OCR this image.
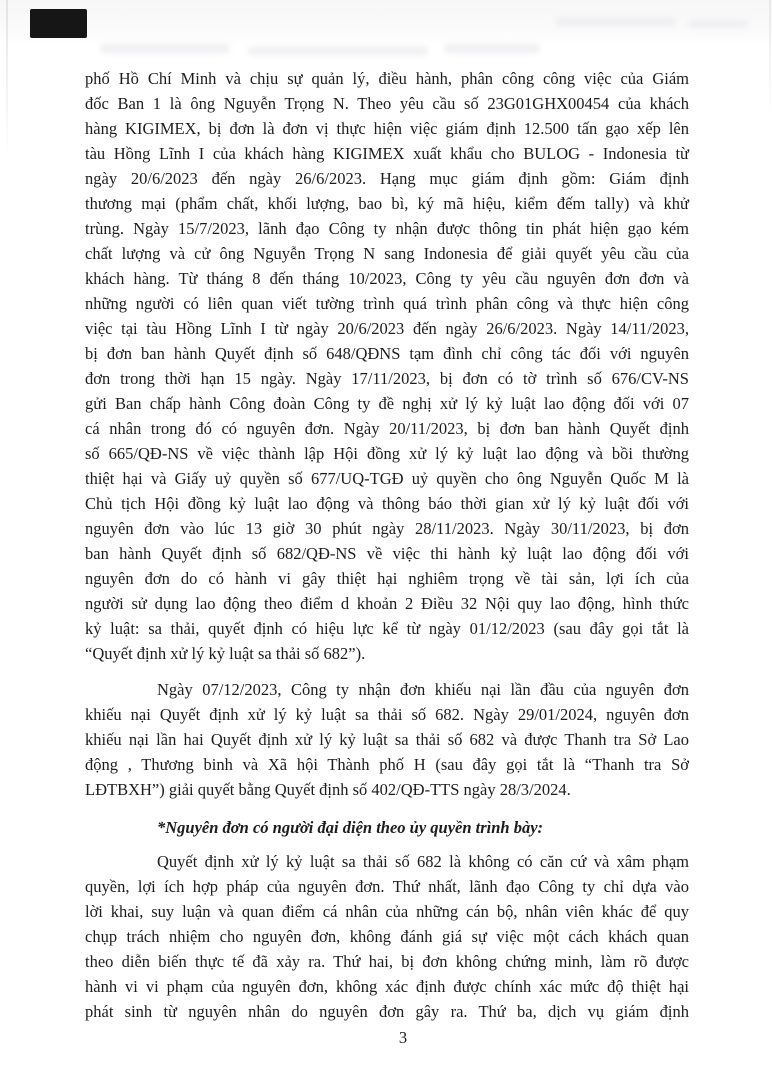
phố Hồ Chí Minh và chịu sự quản lý, điều hành, phân công công việc của Giám
đốc Ban 1 là ông Nguyễn Trọng N. Theo yêu cầu số 23G01GHX00454 của khách
hàng KIGIMEX, bị đơn là đơn vị thực hiện việc giám định 12.500 tấn gạo xếp lên
tàu Hồng Lĩnh I của khách hàng KIGIMEX xuất khẩu cho BULOG - Indonesia từ
ngày 20/6/2023 đến ngày 26/6/2023. Hạng mục giám định gồm: Giám định
thương mại (phẩm chất, khối lượng, bao bì, ký mã hiệu, kiểm đếm tally) và khử
trùng. Ngày 15/7/2023, lãnh đạo Công ty nhận được thông tin phát hiện gạo kém
chất lượng và cử ông Nguyễn Trọng N sang Indonesia để giải quyết yêu cầu của
khách hàng. Từ tháng 8 đến tháng 10/2023, Công ty yêu cầu nguyên đơn đơn và
những người có liên quan viết tường trình quá trình phân công và thực hiện công
việc tại tàu Hồng Lĩnh I từ ngày 20/6/2023 đến ngày 26/6/2023. Ngày 14/11/2023,
bị đơn ban hành Quyết định số 648/QĐNS tạm đình chỉ công tác đối với nguyên
đơn trong thời hạn 15 ngày. Ngày 17/11/2023, bị đơn có tờ trình số 676/CV-NS
gửi Ban chấp hành Công đoàn Công ty đề nghị xử lý kỷ luật lao động đối với 07
cá nhân trong đó có nguyên đơn. Ngày 20/11/2023, bị đơn ban hành Quyết định
số 665/QĐ-NS về việc thành lập Hội đồng xử lý kỷ luật lao động và bồi thường
thiệt hại và Giấy uỷ quyền số 677/UQ-TGĐ uỷ quyền cho ông Nguyễn Quốc M là
Chủ tịch Hội đồng kỷ luật lao động và thông báo thời gian xử lý kỷ luật đối với
nguyên đơn vào lúc 13 giờ 30 phút ngày 28/11/2023. Ngày 30/11/2023, bị đơn
ban hành Quyết định số 682/QĐ-NS về việc thi hành kỷ luật lao động đối với
nguyên đơn do có hành vi gây thiệt hại nghiêm trọng về tài sản, lợi ích của
người sử dụng lao động theo điểm d khoản 2 Điều 32 Nội quy lao động, hình thức
kỷ luật: sa thải, quyết định có hiệu lực kể từ ngày 01/12/2023 (sau đây gọi tắt là
“Quyết định xử lý kỷ luật sa thải số 682”).
Ngày 07/12/2023, Công ty nhận đơn khiếu nại lần đầu của nguyên đơn
khiếu nại Quyết định xử lý kỷ luật sa thải số 682. Ngày 29/01/2024, nguyên đơn
khiếu nại lần hai Quyết định xử lý kỷ luật sa thải số 682 và được Thanh tra Sở Lao
động , Thương binh và Xã hội Thành phố H (sau đây gọi tắt là “Thanh tra Sở
LĐTBXH”) giải quyết bằng Quyết định số 402/QĐ-TTS ngày 28/3/2024.
*Nguyên đơn có người đại diện theo ủy quyền trình bày:
Quyết định xử lý kỷ luật sa thải số 682 là không có căn cứ và xâm phạm
quyền, lợi ích hợp pháp của nguyên đơn. Thứ nhất, lãnh đạo Công ty chỉ dựa vào
lời khai, suy luận và quan điểm cá nhân của những cán bộ, nhân viên khác để quy
chụp trách nhiệm cho nguyên đơn, không đánh giá sự việc một cách khách quan
theo diễn biến thực tế đã xảy ra. Thứ hai, bị đơn không chứng minh, làm rõ được
hành vi vi phạm của nguyên đơn, không xác định được chính xác mức độ thiệt hại
phát sinh từ nguyên nhân do nguyên đơn gây ra. Thứ ba, dịch vụ giám định
3
